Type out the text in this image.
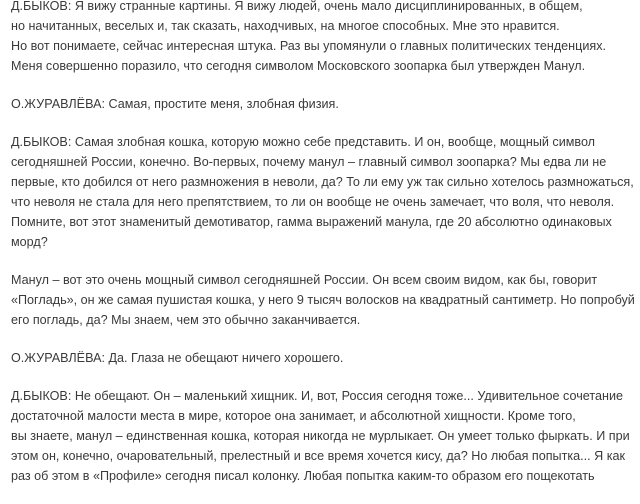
Д.БЫКОВ: Я вижу странные картины. Я вижу людей, очень мало дисциплинированных, в общем,
но начитанных, веселых и, так сказать, находчивых, на многое способных. Мне это нравится.
Но вот понимаете, сейчас интересная штука. Раз вы упомянули о главных политических тенденциях.
Меня совершенно поразило, что сегодня символом Московского зоопарка был утвержден Манул.

О.ЖУРАВЛЁВА: Самая, простите меня, злобная физия.

Д.БЫКОВ: Самая злобная кошка, которую можно себе представить. И он, вообще, мощный символ
сегодняшней России, конечно. Во-первых, почему манул – главный символ зоопарка? Мы едва ли не
первые, кто добился от него размножения в неволи, да? То ли ему уж так сильно хотелось размножаться,
что неволя не стала для него препятствием, то ли он вообще не очень замечает, что воля, что неволя.
Помните, вот этот знаменитый демотиватор, гамма выражений манула, где 20 абсолютно одинаковых
морд?

Манул – вот это очень мощный символ сегодняшней России. Он всем своим видом, как бы, говорит
«Погладь», он же самая пушистая кошка, у него 9 тысяч волосков на квадратный сантиметр. Но попробуй
его погладь, да? Мы знаем, чем это обычно заканчивается.

О.ЖУРАВЛЁВА: Да. Глаза не обещают ничего хорошего.

Д.БЫКОВ: Не обещают. Он – маленький хищник. И, вот, Россия сегодня тоже... Удивительное сочетание
достаточной малости места в мире, которое она занимает, и абсолютной хищности. Кроме того,
вы знаете, манул – единственная кошка, которая никогда не мурлыкает. Он умеет только фыркать. И при
этом он, конечно, очаровательный, прелестный и все время хочется кису, да? Но любая попытка... Я как
раз об этом в «Профиле» сегодня писал колонку. Любая попытка каким-то образом его пощекотать
